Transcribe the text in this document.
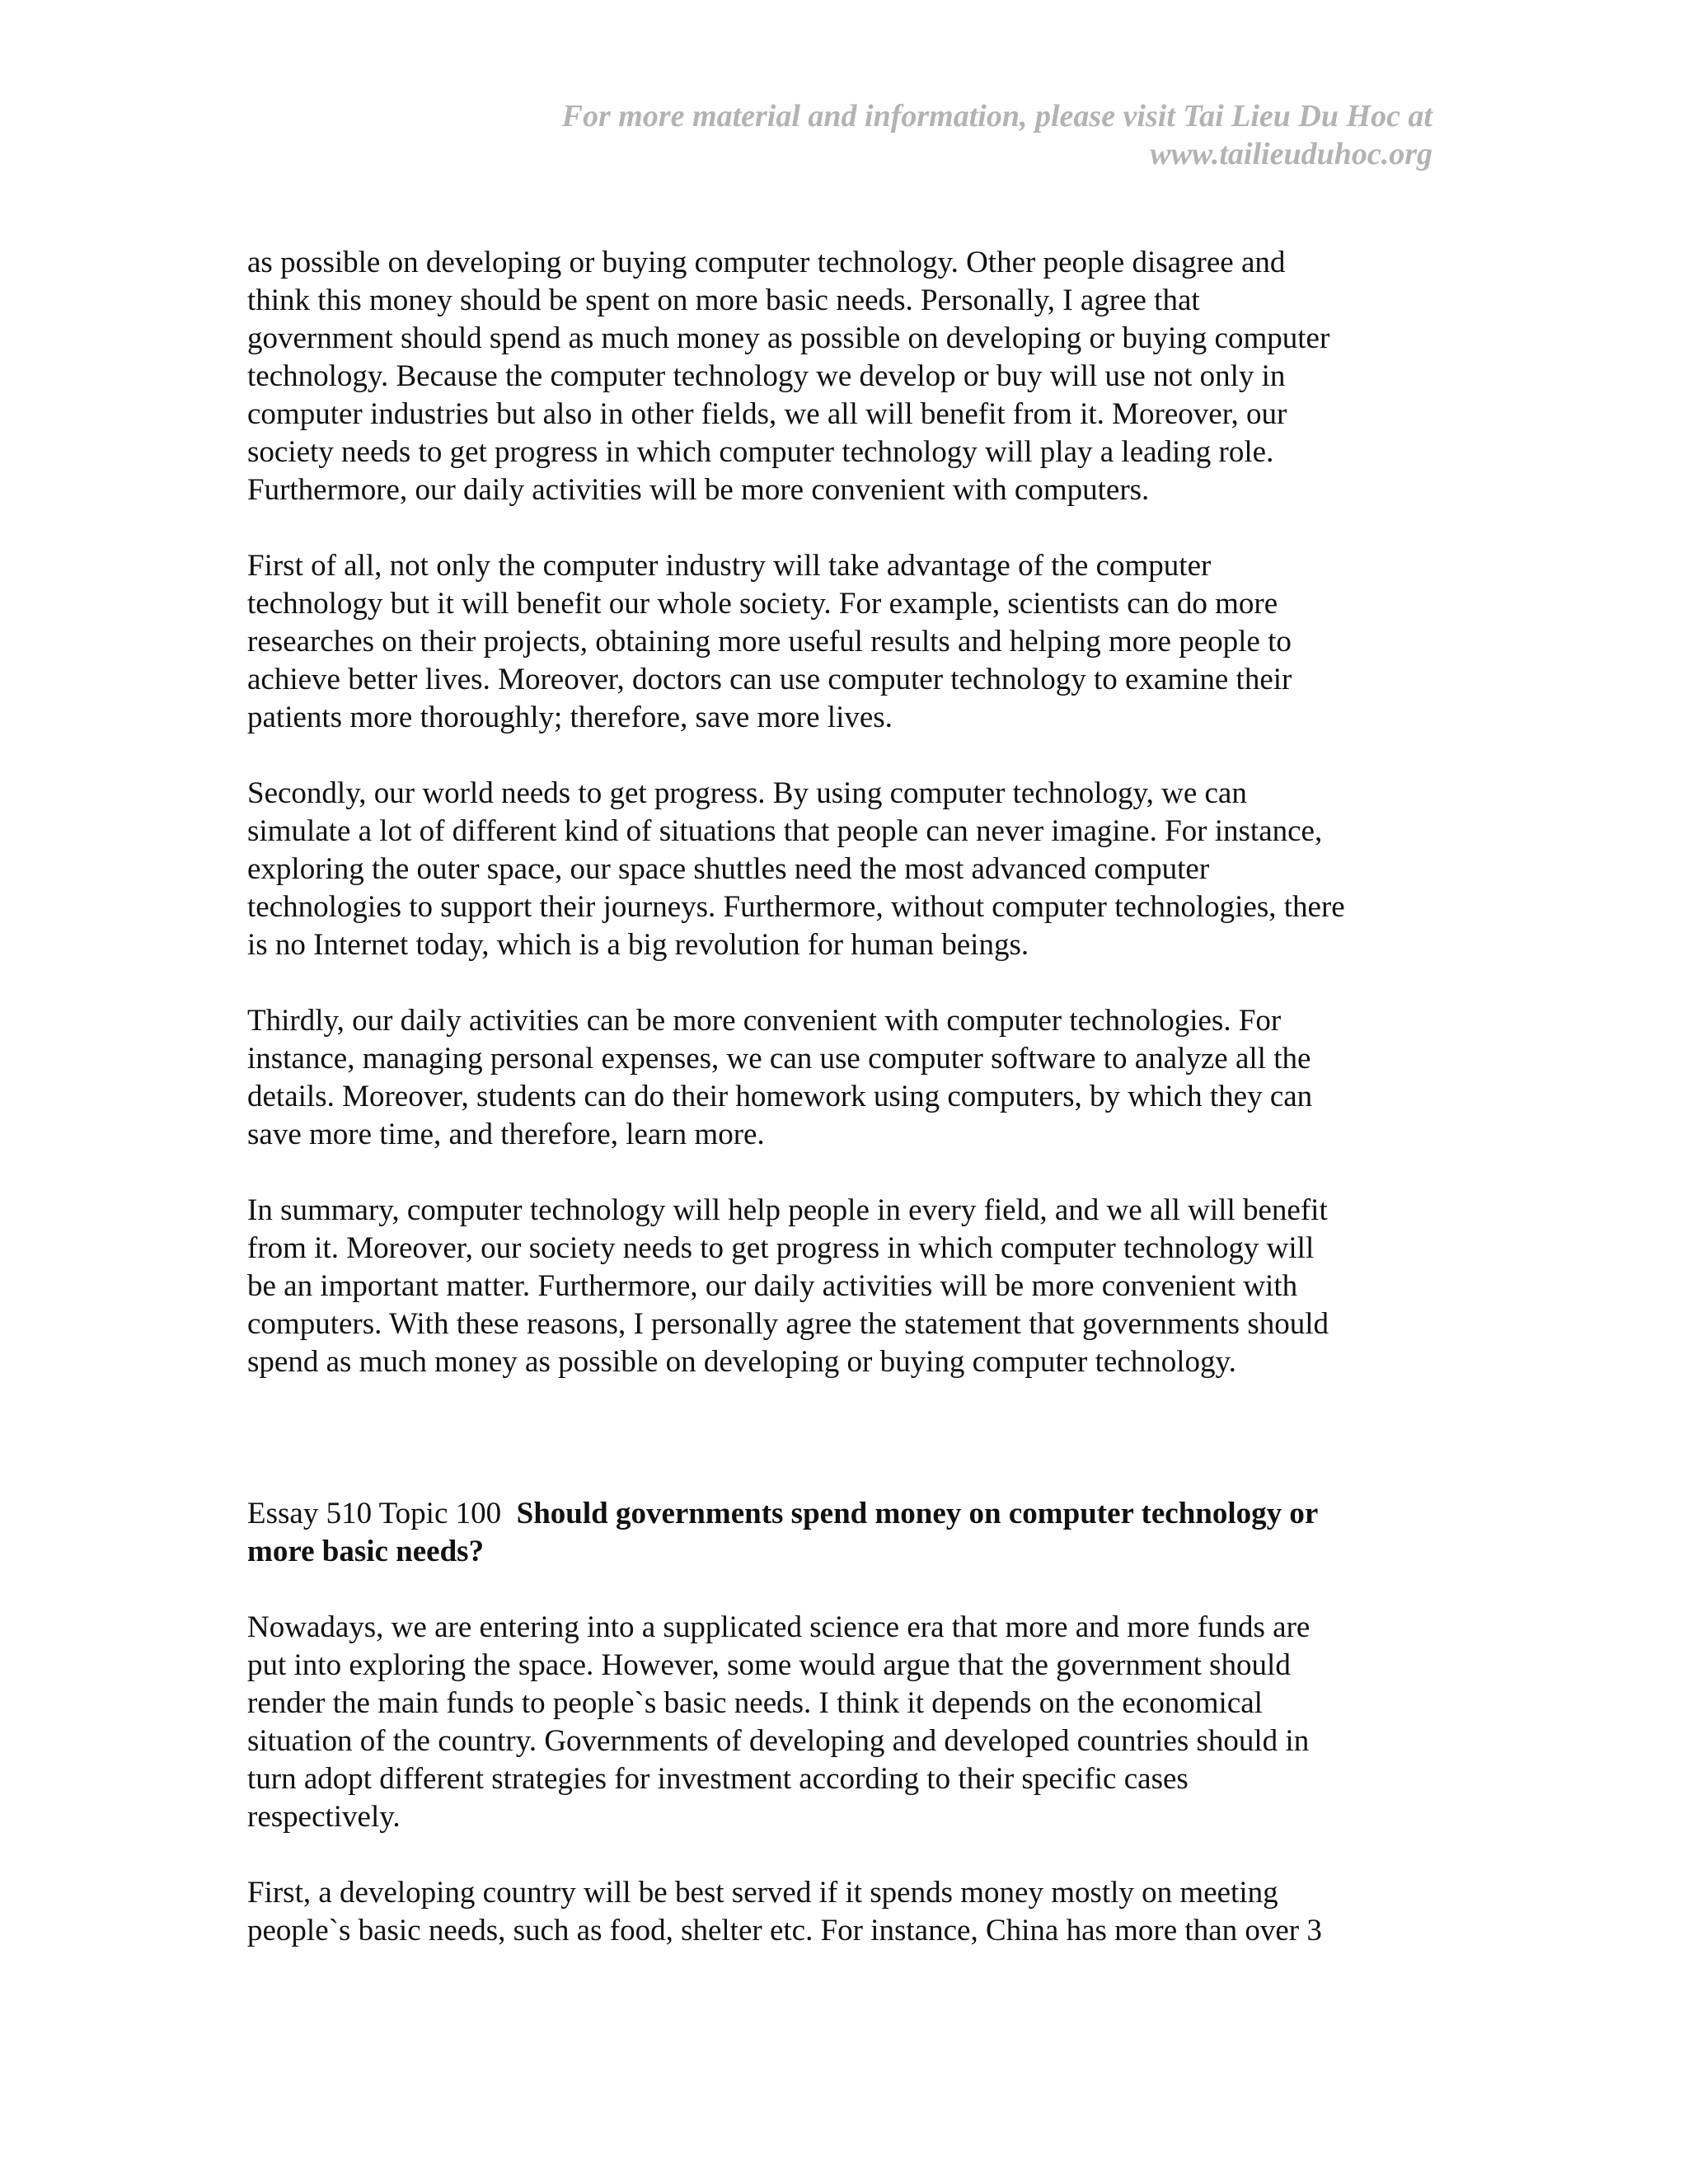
For more material and information, please visit Tai Lieu Du Hoc at
www.tailieuduhoc.org

as possible on developing or buying computer technology. Other people disagree and
think this money should be spent on more basic needs. Personally, I agree that
government should spend as much money as possible on developing or buying computer
technology. Because the computer technology we develop or buy will use not only in
computer industries but also in other fields, we all will benefit from it. Moreover, our
society needs to get progress in which computer technology will play a leading role.
Furthermore, our daily activities will be more convenient with computers.

First of all, not only the computer industry will take advantage of the computer
technology but it will benefit our whole society. For example, scientists can do more
researches on their projects, obtaining more useful results and helping more people to
achieve better lives. Moreover, doctors can use computer technology to examine their
patients more thoroughly; therefore, save more lives.

Secondly, our world needs to get progress. By using computer technology, we can
simulate a lot of different kind of situations that people can never imagine. For instance,
exploring the outer space, our space shuttles need the most advanced computer
technologies to support their journeys. Furthermore, without computer technologies, there
is no Internet today, which is a big revolution for human beings.

Thirdly, our daily activities can be more convenient with computer technologies. For
instance, managing personal expenses, we can use computer software to analyze all the
details. Moreover, students can do their homework using computers, by which they can
save more time, and therefore, learn more.

In summary, computer technology will help people in every field, and we all will benefit
from it. Moreover, our society needs to get progress in which computer technology will
be an important matter. Furthermore, our daily activities will be more convenient with
computers. With these reasons, I personally agree the statement that governments should
spend as much money as possible on developing or buying computer technology.

Essay 510 Topic 100 Should governments spend money on computer technology or
more basic needs?

Nowadays, we are entering into a supplicated science era that more and more funds are
put into exploring the space. However, some would argue that the government should
render the main funds to people`s basic needs. I think it depends on the economical
situation of the country. Governments of developing and developed countries should in
turn adopt different strategies for investment according to their specific cases
respectively.

First, a developing country will be best served if it spends money mostly on meeting
people`s basic needs, such as food, shelter etc. For instance, China has more than over 3
